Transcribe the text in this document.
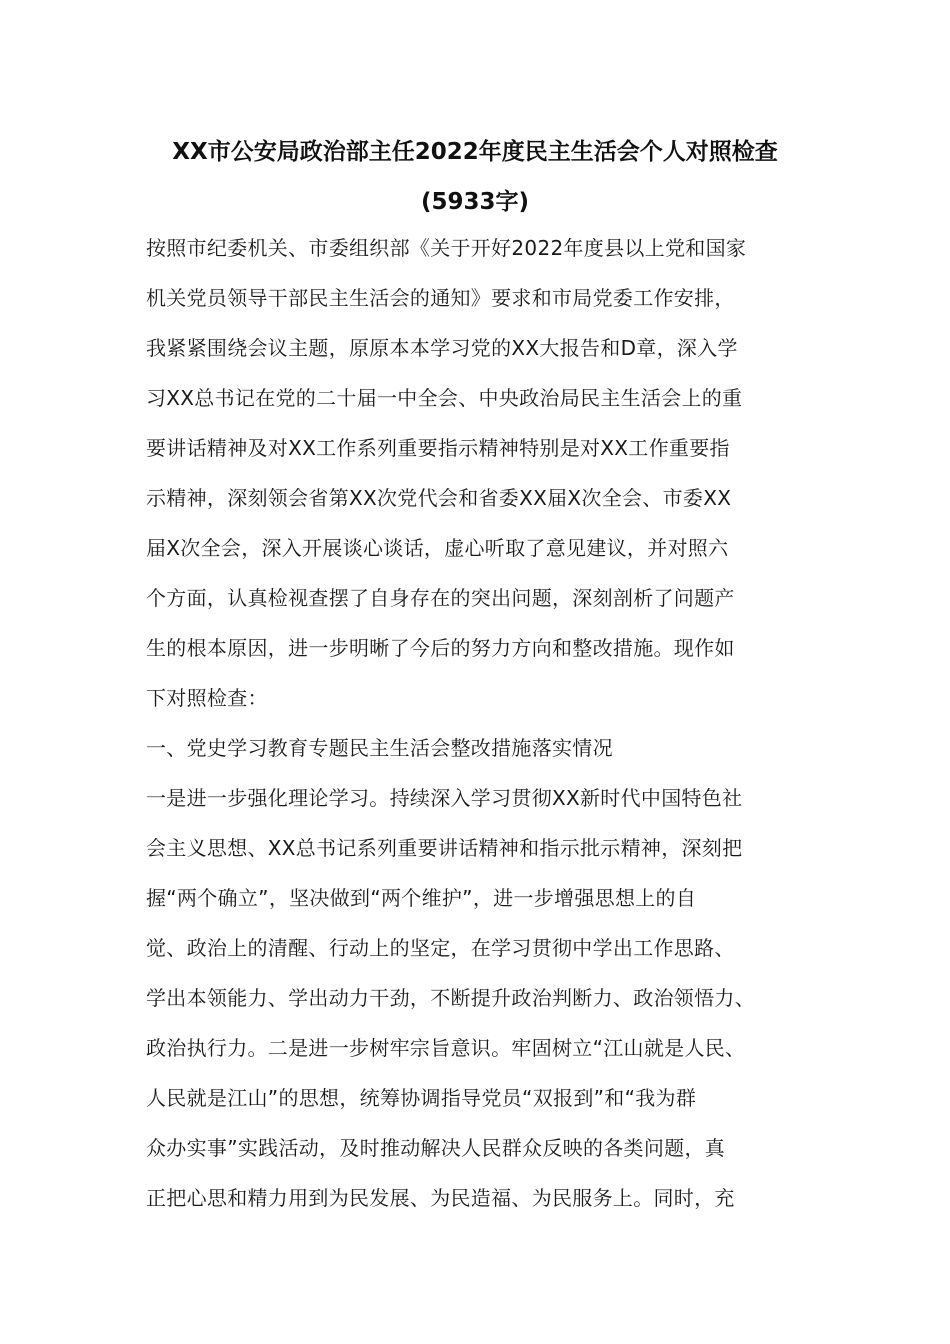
XX市公安局政治部主任2022年度民主生活会个人对照检查
(5933字)
按照市纪委机关、市委组织部《关于开好2022年度县以上党和国家
机关党员领导干部民主生活会的通知》要求和市局党委工作安排，
我紧紧围绕会议主题，原原本本学习党的XX大报告和D章，深入学
习XX总书记在党的二十届一中全会、中央政治局民主生活会上的重
要讲话精神及对XX工作系列重要指示精神特别是对XX工作重要指
示精神，深刻领会省第XX次党代会和省委XX届X次全会、市委XX
届X次全会，深入开展谈心谈话，虚心听取了意见建议，并对照六
个方面，认真检视查摆了自身存在的突出问题，深刻剖析了问题产
生的根本原因，进一步明晰了今后的努力方向和整改措施。现作如
下对照检查：
一、党史学习教育专题民主生活会整改措施落实情况
一是进一步强化理论学习。持续深入学习贯彻XX新时代中国特色社
会主义思想、XX总书记系列重要讲话精神和指示批示精神，深刻把
握“两个确立”，坚决做到“两个维护”，进一步增强思想上的自
觉、政治上的清醒、行动上的坚定，在学习贯彻中学出工作思路、
学出本领能力、学出动力干劲，不断提升政治判断力、政治领悟力、
政治执行力。二是进一步树牢宗旨意识。牢固树立“江山就是人民、
人民就是江山”的思想，统筹协调指导党员“双报到”和“我为群
众办实事”实践活动，及时推动解决人民群众反映的各类问题，真
正把心思和精力用到为民发展、为民造福、为民服务上。同时，充
